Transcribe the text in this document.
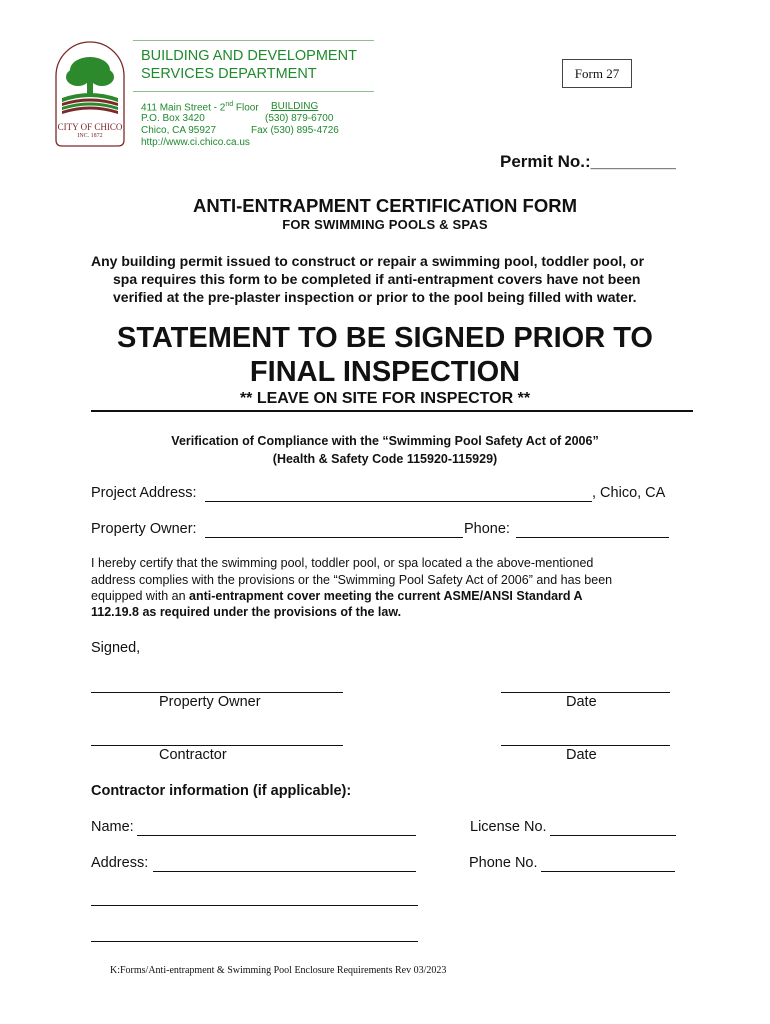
CITY OF CHICO
INC. 1872
BUILDING AND DEVELOPMENT
SERVICES DEPARTMENT
411 Main Street - 2nd Floor BUILDING
P.O. Box 3420	(530) 879-6700
Chico, CA 95927	Fax (530) 895-4726
http://www.ci.chico.ca.us
Form 27
Permit No.:_________
ANTI-ENTRAPMENT CERTIFICATION FORM
FOR SWIMMING POOLS & SPAS
Any building permit issued to construct or repair a swimming pool, toddler pool, or
spa requires this form to be completed if anti-entrapment covers have not been
verified at the pre-plaster inspection or prior to the pool being filled with water.
STATEMENT TO BE SIGNED PRIOR TO
FINAL INSPECTION
** LEAVE ON SITE FOR INSPECTOR **
Verification of Compliance with the “Swimming Pool Safety Act of 2006”
(Health & Safety Code 115920-115929)
Project Address:	, Chico, CA
Property Owner:	Phone:
I hereby certify that the swimming pool, toddler pool, or spa located a the above-mentioned
address complies with the provisions or the “Swimming Pool Safety Act of 2006” and has been
equipped with an anti-entrapment cover meeting the current ASME/ANSI Standard A
112.19.8 as required under the provisions of the law.
Signed,
Property Owner	Date
Contractor	Date
Contractor information (if applicable):
Name:	License No.
Address:	Phone No.
K:Forms/Anti-entrapment & Swimming Pool Enclosure Requirements Rev 03/2023
